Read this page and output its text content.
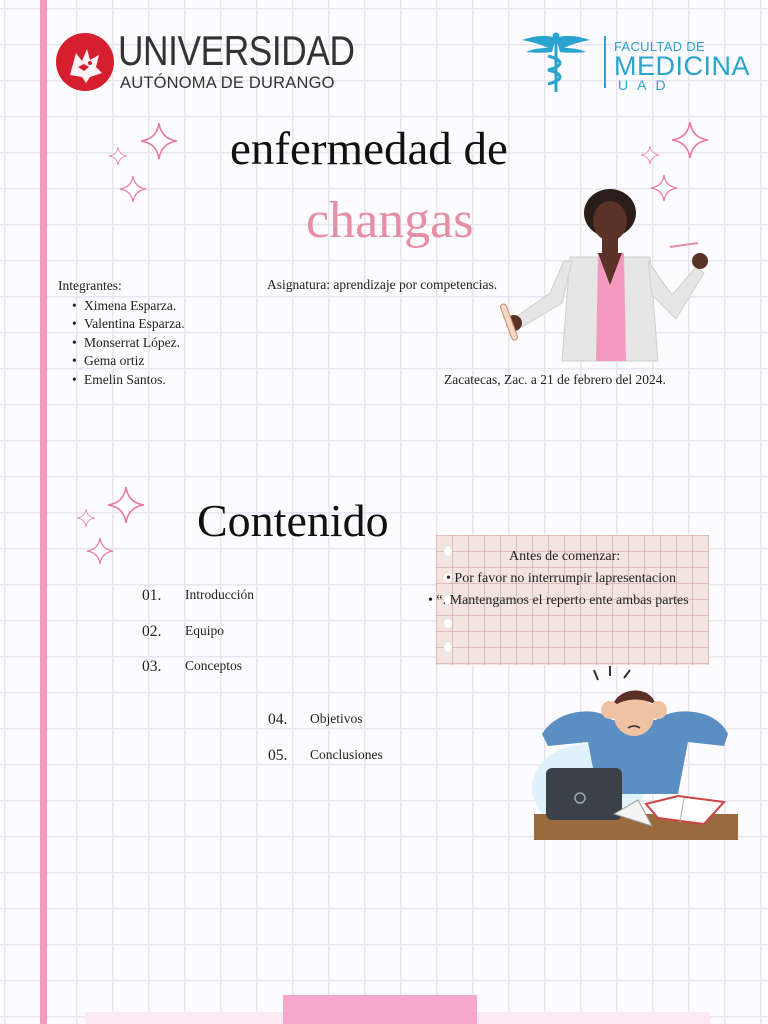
UNIVERSIDAD
AUTÓNOMA DE DURANGO
FACULTAD DE
MEDICINA
UAD
enfermedad de
changas
Integrantes:
• Ximena Esparza.
• Valentina Esparza.
• Monserrat López.
• Gema ortiz
• Emelin Santos.
Asignatura: aprendizaje por competencias.
Zacatecas, Zac. a 21 de febrero del 2024.
Contenido
01. Introducción
02. Equipo
03. Conceptos
04. Objetivos
05. Conclusiones
Antes de comenzar:
• Por favor no interrumpir lapresentacion
• “. Mantengamos el reperto ente ambas partes
